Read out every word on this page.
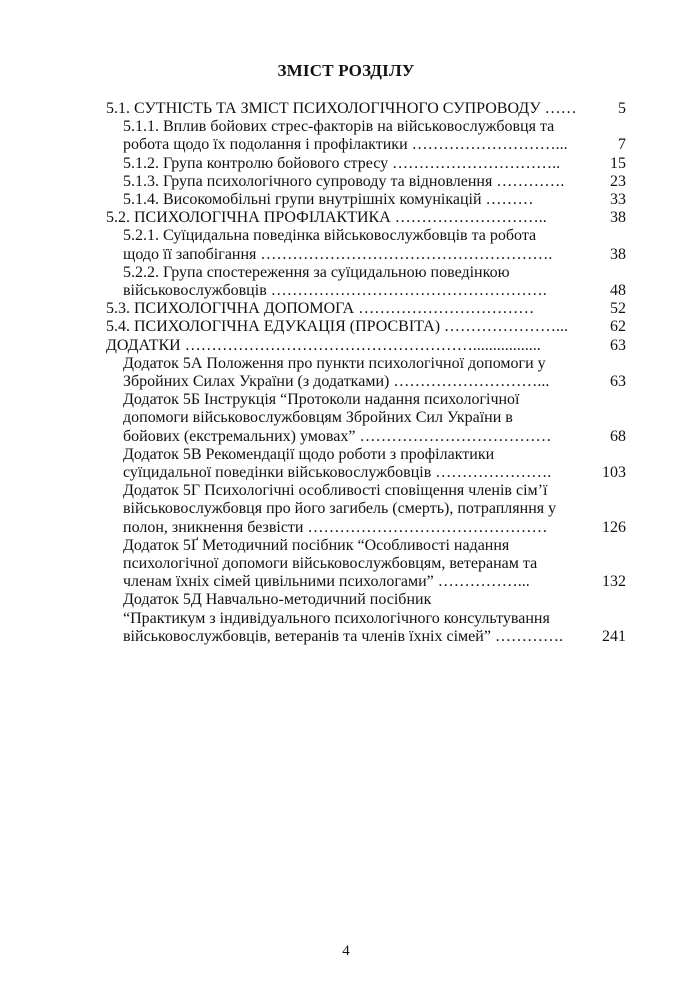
ЗМІСТ РОЗДІЛУ
5.1. СУТНІСТЬ ТА ЗМІСТ ПСИХОЛОГІЧНОГО СУПРОВОДУ ……	5
5.1.1. Вплив бойових стрес-факторів на військовослужбовця та
робота щодо їх подолання і профілактики ………………………...	7
5.1.2. Група контролю бойового стресу …………………………..	15
5.1.3. Група психологічного супроводу та відновлення ………….	23
5.1.4. Високомобільні групи внутрішніх комунікацій ………	33
5.2. ПСИХОЛОГІЧНА ПРОФІЛАКТИКА ………………………..	38
5.2.1. Суїцидальна поведінка військовослужбовців та робота
щодо її запобігання ……………………………………………….	38
5.2.2. Група спостереження за суїцидальною поведінкою
військовослужбовців …………………………………………….	48
5.3. ПСИХОЛОГІЧНА ДОПОМОГА ……………………………	52
5.4. ПСИХОЛОГІЧНА ЕДУКАЦІЯ (ПРОСВІТА) …………………...	62
ДОДАТКИ ……………………………………………….................	63
Додаток 5А Положення про пункти психологічної допомоги у
Збройних Силах України (з додатками) ………………………...	63
Додаток 5Б Інструкція “Протоколи надання психологічної
допомоги військовослужбовцям Збройних Сил України в
бойових (екстремальних) умовах” ………………………………	68
Додаток 5В Рекомендації щодо роботи з профілактики
суїцидальної поведінки військовослужбовців ………………….	103
Додаток 5Г Психологічні особливості сповіщення членів сім’ї
військовослужбовця про його загибель (смерть), потрапляння у
полон, зникнення безвісти ………………………………………	126
Додаток 5Ґ Методичний посібник “Особливості надання
психологічної допомоги військовослужбовцям, ветеранам та
членам їхніх сімей цивільними психологами” ……………...	132
Додаток 5Д Навчально-методичний посібник
“Практикум з індивідуального психологічного консультування
військовослужбовців, ветеранів та членів їхніх сімей” ………….	241
4
